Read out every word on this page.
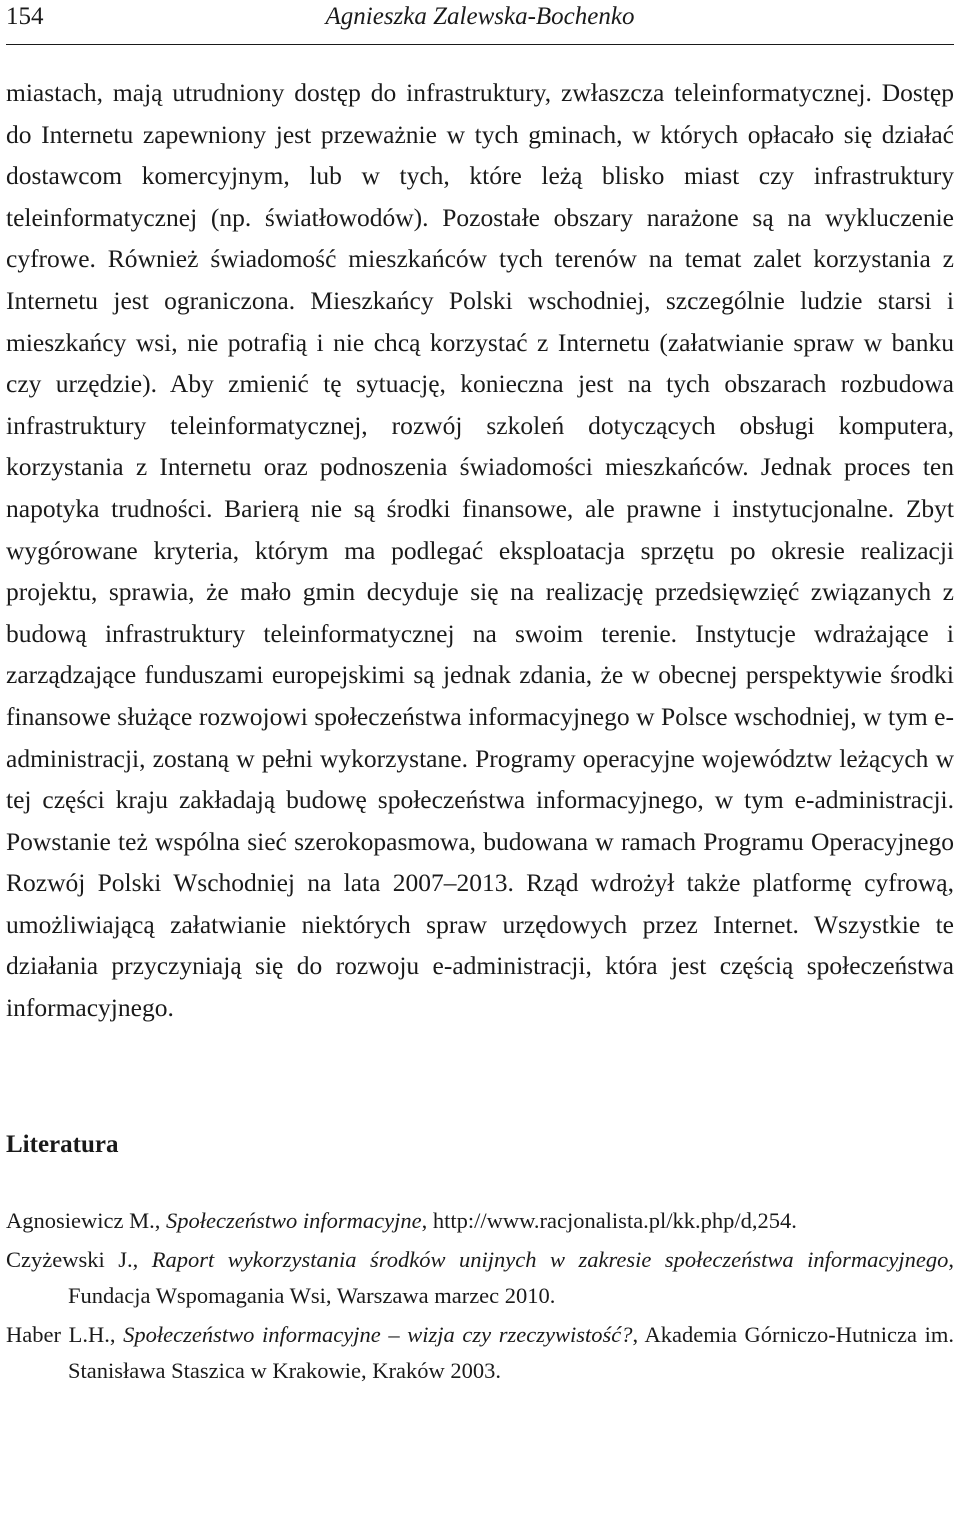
154	Agnieszka Zalewska-Bochenko

miastach, mają utrudniony dostęp do infrastruktury, zwłaszcza teleinformatycznej. Dostęp do Internetu zapewniony jest przeważnie w tych gminach, w których opłacało się działać dostawcom komercyjnym, lub w tych, które leżą blisko miast czy infrastruktury teleinformatycznej (np. światłowodów). Pozostałe obszary narażone są na wykluczenie cyfrowe. Również świadomość mieszkańców tych terenów na temat zalet korzystania z Internetu jest ograniczona. Mieszkańcy Polski wschodniej, szczególnie ludzie starsi i mieszkańcy wsi, nie potrafią i nie chcą korzystać z Internetu (załatwianie spraw w banku czy urzędzie). Aby zmienić tę sytuację, konieczna jest na tych obszarach rozbudowa infrastruktury teleinformatycznej, rozwój szkoleń dotyczących obsługi komputera, korzystania z Internetu oraz podnoszenia świadomości mieszkańców. Jednak proces ten napotyka trudności. Barierą nie są środki finansowe, ale prawne i instytucjonalne. Zbyt wygórowane kryteria, którym ma podlegać eksploatacja sprzętu po okresie realizacji projektu, sprawia, że mało gmin decyduje się na realizację przedsięwzięć związanych z budową infrastruktury teleinformatycznej na swoim terenie. Instytucje wdrażające i zarządzające funduszami europejskimi są jednak zdania, że w obecnej perspektywie środki finansowe służące rozwojowi społeczeństwa informacyjnego w Polsce wschodniej, w tym e-administracji, zostaną w pełni wykorzystane. Programy operacyjne województw leżących w tej części kraju zakładają budowę społeczeństwa informacyjnego, w tym e-administracji. Powstanie też wspólna sieć szerokopasmowa, budowana w ramach Programu Operacyjnego Rozwój Polski Wschodniej na lata 2007–2013. Rząd wdrożył także platformę cyfrową, umożliwiającą załatwianie niektórych spraw urzędowych przez Internet. Wszystkie te działania przyczyniają się do rozwoju e-administracji, która jest częścią społeczeństwa informacyjnego.

Literatura
Agnosiewicz M., Społeczeństwo informacyjne, http://www.racjonalista.pl/kk.php/d,254.
Czyżewski J., Raport wykorzystania środków unijnych w zakresie społeczeństwa informacyjnego, Fundacja Wspomagania Wsi, Warszawa marzec 2010.
Haber L.H., Społeczeństwo informacyjne – wizja czy rzeczywistość?, Akademia Górniczo-Hutnicza im. Stanisława Staszica w Krakowie, Kraków 2003.
